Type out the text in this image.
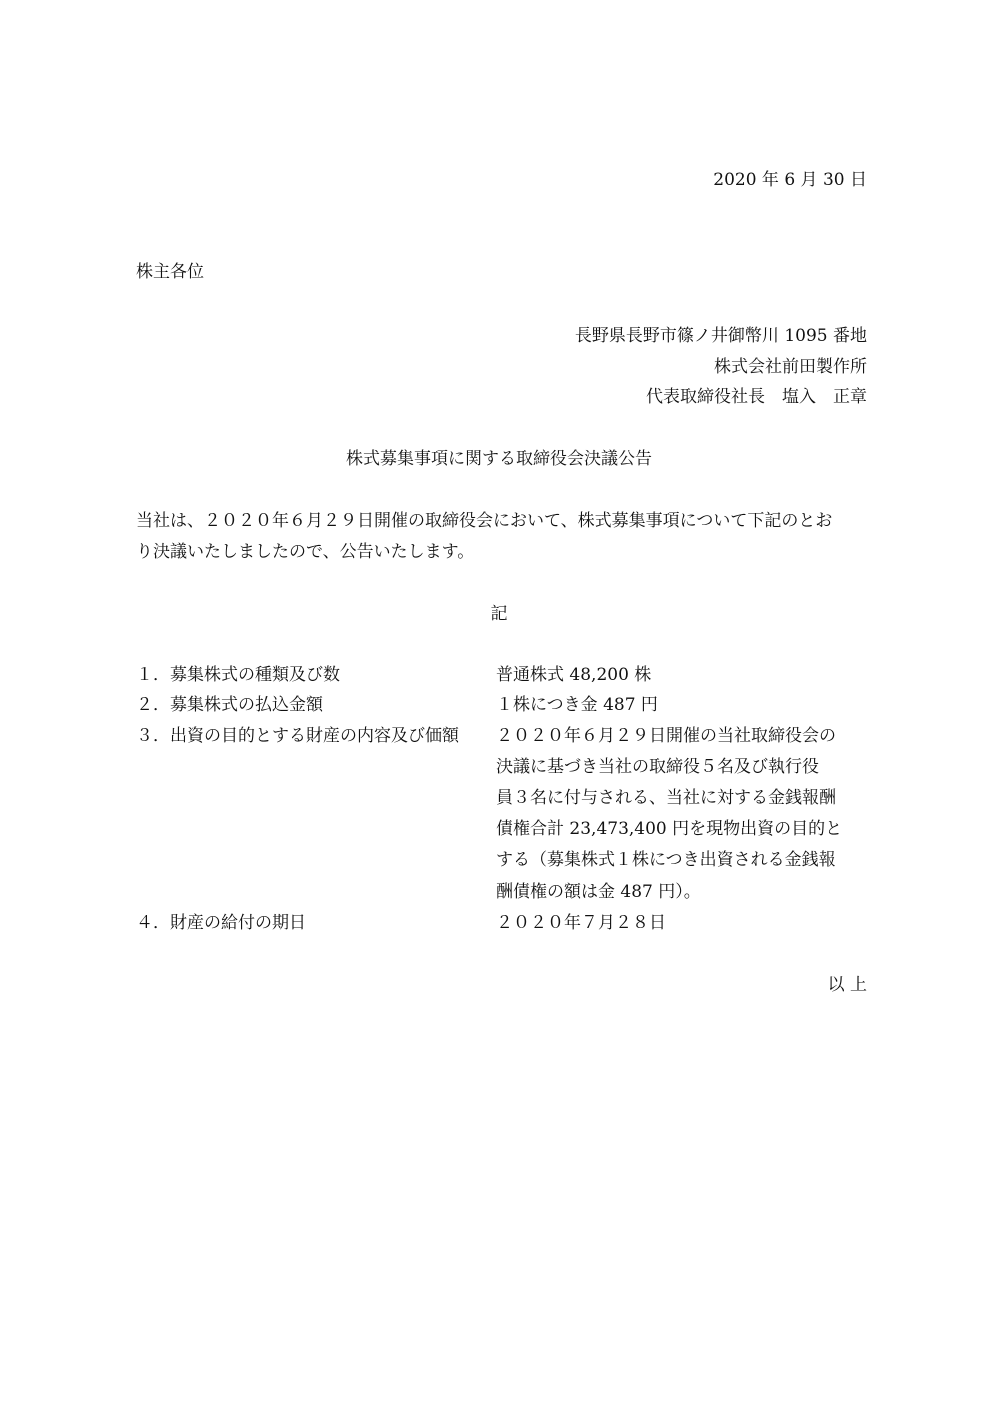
2020 年 6 月 30 日
株主各位
長野県長野市篠ノ井御幣川 1095 番地
株式会社前田製作所
代表取締役社長　塩入　正章
株式募集事項に関する取締役会決議公告
当社は、２０２０年６月２９日開催の取締役会において、株式募集事項について下記のとお
り決議いたしましたので、公告いたします。
記
１．募集株式の種類及び数	普通株式 48,200 株
２．募集株式の払込金額	１株につき金 487 円
３．出資の目的とする財産の内容及び価額 ２０２０年６月２９日開催の当社取締役会の
決議に基づき当社の取締役５名及び執行役
員３名に付与される、当社に対する金銭報酬
債権合計 23,473,400 円を現物出資の目的と
する（募集株式１株につき出資される金銭報
酬債権の額は金 487 円）。
４．財産の給付の期日	２０２０年７月２８日
以 上
